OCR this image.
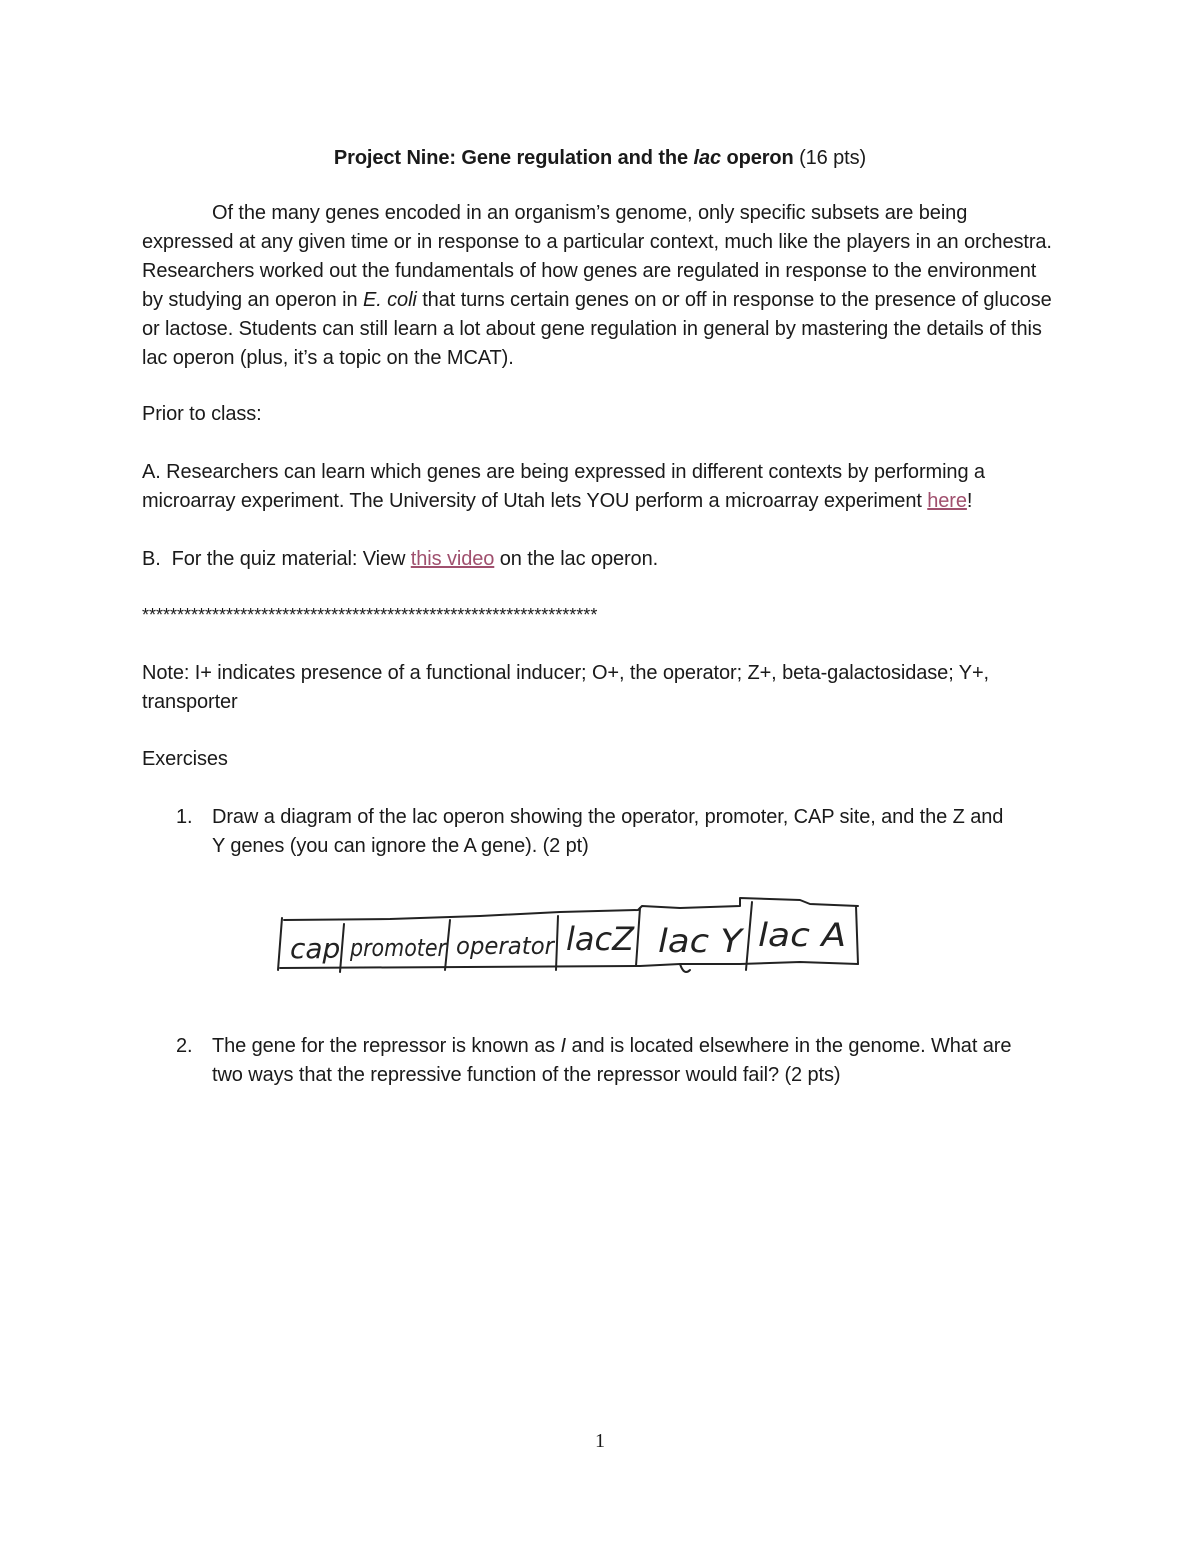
Project Nine: Gene regulation and the lac operon (16 pts)
Of the many genes encoded in an organism’s genome, only specific subsets are being expressed at any given time or in response to a particular context, much like the players in an orchestra. Researchers worked out the fundamentals of how genes are regulated in response to the environment by studying an operon in E. coli that turns certain genes on or off in response to the presence of glucose or lactose. Students can still learn a lot about gene regulation in general by mastering the details of this lac operon (plus, it’s a topic on the MCAT).
Prior to class:
A. Researchers can learn which genes are being expressed in different contexts by performing a
microarray experiment. The University of Utah lets YOU perform a microarray experiment here!
B. For the quiz material: View this video on the lac operon.
*****************************************************************
Note: I+ indicates presence of a functional inducer; O+, the operator; Z+, beta-galactosidase; Y+,
transporter
Exercises
1. Draw a diagram of the lac operon showing the operator, promoter, CAP site, and the Z and
Y genes (you can ignore the A gene). (2 pt)
cap promoter operator lacZ lac Y lac A
2. The gene for the repressor is known as I and is located elsewhere in the genome. What are
two ways that the repressive function of the repressor would fail? (2 pts)
1
